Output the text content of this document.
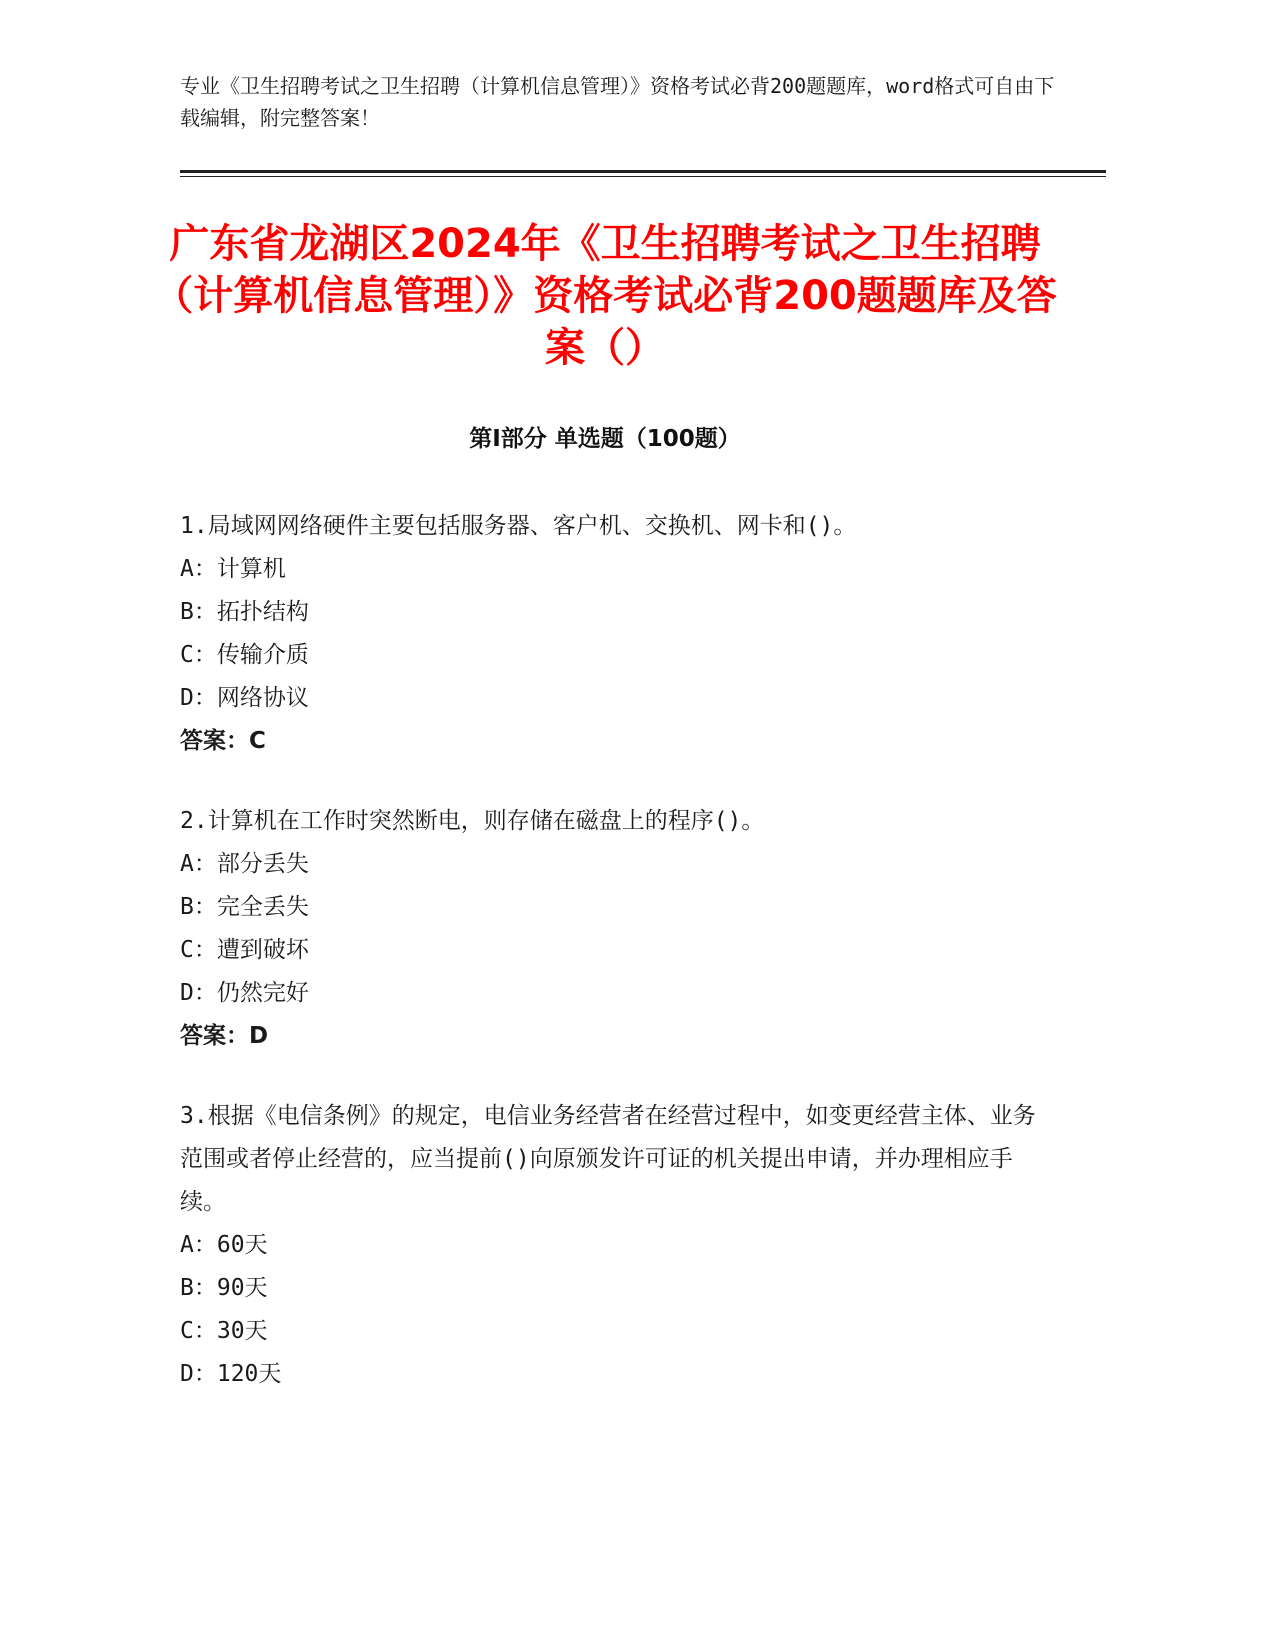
专业《卫生招聘考试之卫生招聘（计算机信息管理）》资格考试必背200题题库，word格式可自由下载编辑，附完整答案！
广东省龙湖区2024年《卫生招聘考试之卫生招聘（计算机信息管理）》资格考试必背200题题库及答案（）
第I部分 单选题（100题）
1.局域网网络硬件主要包括服务器、客户机、交换机、网卡和()。
A：计算机
B：拓扑结构
C：传输介质
D：网络协议
答案：C
2.计算机在工作时突然断电，则存储在磁盘上的程序()。
A：部分丢失
B：完全丢失
C：遭到破坏
D：仍然完好
答案：D
3.根据《电信条例》的规定，电信业务经营者在经营过程中，如变更经营主体、业务范围或者停止经营的，应当提前()向原颁发许可证的机关提出申请，并办理相应手续。
A：60天
B：90天
C：30天
D：120天
